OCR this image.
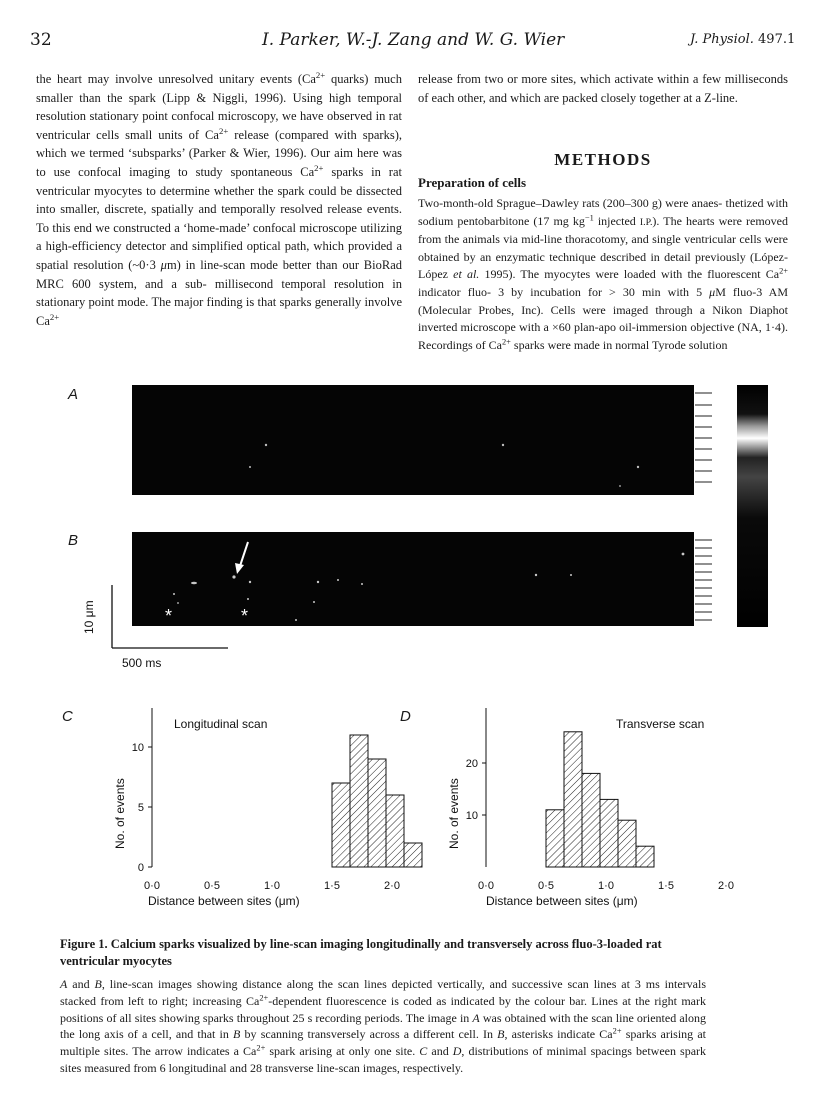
32	I. Parker, W.-J. Zang and W. G. Wier	J. Physiol. 497.1

the heart may involve unresolved unitary events ($Ca^{2+}$ quarks) much smaller than the spark (Lipp & Niggli, 1996). Using high temporal resolution stationary point confocal microscopy, we have observed in rat ventricular cells small units of $Ca^{2+}$ release (compared with sparks), which we termed ‘subsparks’ (Parker & Wier, 1996). Our aim here was to use confocal imaging to study spontaneous $Ca^{2+}$ sparks in rat ventricular myocytes to determine whether the spark could be dissected into smaller, discrete, spatially and temporally resolved release events. To this end we constructed a ‘home-made’ confocal microscope utilizing a high-efficiency detector and simplified optical path, which provided a spatial resolution (~0·3 μm) in line-scan mode better than our BioRad MRC 600 system, and a sub- millisecond temporal resolution in stationary point mode. The major finding is that sparks generally involve $Ca^{2+}$

release from two or more sites, which activate within a few milliseconds of each other, and which are packed closely together at a Z-line.

METHODS
Preparation of cells

Two-month-old Sprague–Dawley rats (200–300 g) were anaes- thetized with sodium pentobarbitone (17 mg $kg^{-1}$ injected I.P.). The hearts were removed from the animals via mid-line thoracotomy, and single ventricular cells were obtained by an enzymatic technique described in detail previously (López-López et al. 1995). The myocytes were loaded with the fluorescent $Ca^{2+}$ indicator fluo- 3 by incubation for > 30 min with 5 μM fluo-3 AM (Molecular Probes, Inc). Cells were imaged through a Nikon Diaphot inverted microscope with a ×60 plan-apo oil-immersion objective (NA, 1·4). Recordings of $Ca^{2+}$ sparks were made in normal Tyrode solution

A
B
*	*
10 μm
500 ms
C	D
0
5
10
0·0	0·5	1·0	1·5	2·0
Longitudinal scan
Distance between sites (μm)
No. of events	10
20
0·0	0·5	1·0	1·5	2·0
Transverse scan
Distance between sites (μm)
No. of events
Figure 1. Calcium sparks visualized by line-scan imaging longitudinally and transversely across fluo-3-loaded rat ventricular myocytes
A and B, line-scan images showing distance along the scan lines depicted vertically, and successive scan lines at 3 ms intervals stacked from left to right; increasing $Ca^{2+}$-dependent fluorescence is coded as indicated by the colour bar. Lines at the right mark positions of all sites showing sparks throughout 25 s recording periods. The image in A was obtained with the scan line oriented along the long axis of a cell, and that in B by scanning transversely across a different cell. In B, asterisks indicate $Ca^{2+}$ sparks arising at multiple sites. The arrow indicates a $Ca^{2+}$ spark arising at only one site. C and D, distributions of minimal spacings between spark sites measured from 6 longitudinal and 28 transverse line-scan images, respectively.
